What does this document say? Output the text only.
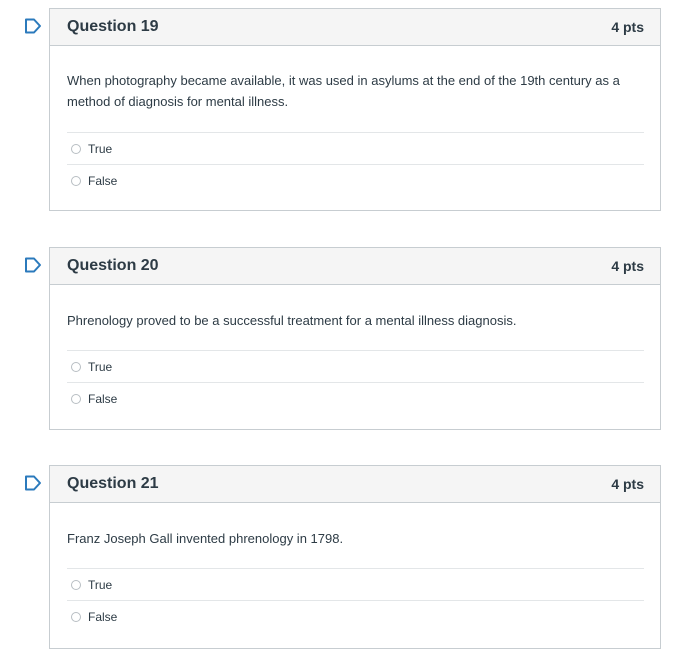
Question 19	4 pts

When photography became available, it was used in asylums at the end of the 19th century as a method of diagnosis for mental illness.

True
False
Question 20	4 pts

Phrenology proved to be a successful treatment for a mental illness diagnosis.

True
False
Question 21	4 pts

Franz Joseph Gall invented phrenology in 1798.

True
False
